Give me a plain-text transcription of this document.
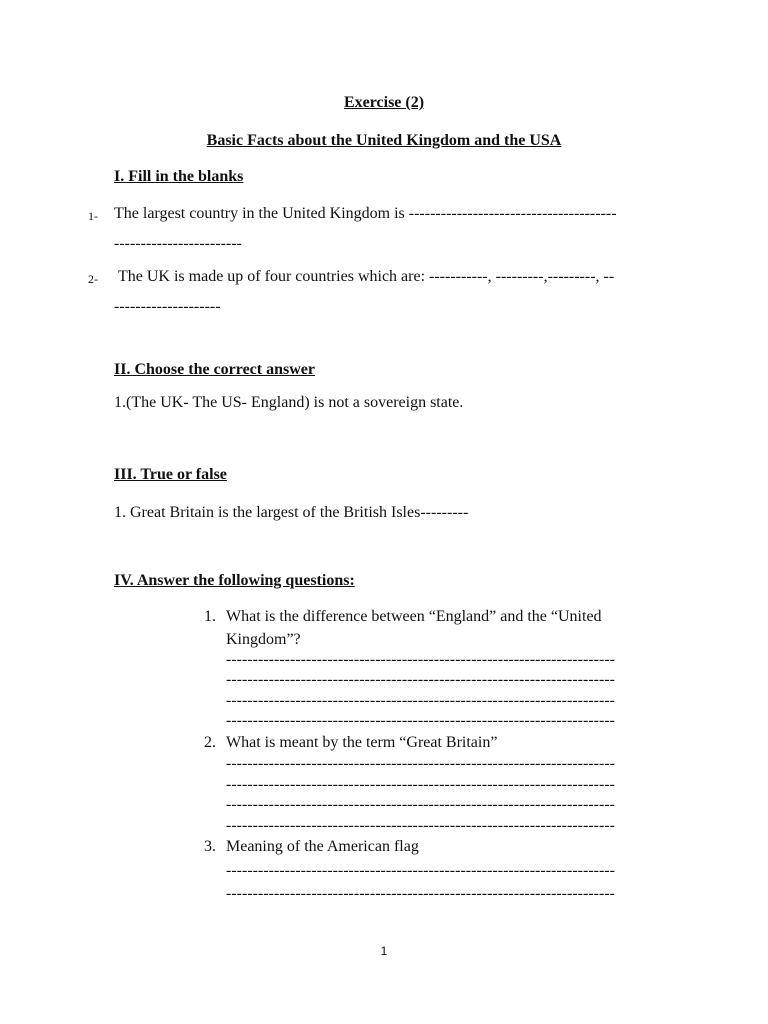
Exercise (2)
Basic Facts about the United Kingdom and the USA
I. Fill in the blanks
1- The largest country in the United Kingdom is ---------------------------------------
------------------------
2- The UK is made up of four countries which are: -----------, ---------,---------, --
--------------------
II. Choose the correct answer
1.(The UK- The US- England) is not a sovereign state.
III. True or false
1. Great Britain is the largest of the British Isles---------
IV. Answer the following questions:
1. What is the difference between “England” and the “United
Kingdom”?
-------------------------------------------------------------------------
-------------------------------------------------------------------------
-------------------------------------------------------------------------
-------------------------------------------------------------------------
2. What is meant by the term “Great Britain”
-------------------------------------------------------------------------
-------------------------------------------------------------------------
-------------------------------------------------------------------------
-------------------------------------------------------------------------
3. Meaning of the American flag
-------------------------------------------------------------------------
-------------------------------------------------------------------------
1
